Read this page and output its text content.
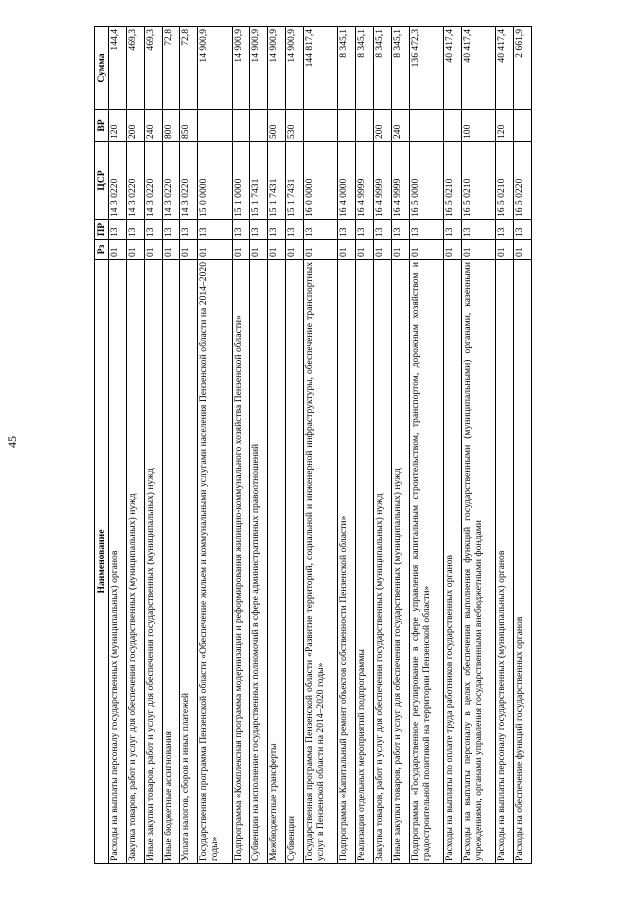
45
Наименование	Рз	ПР	ЦСР	ВР	Сумма
Расходы на выплаты персоналу государственных (муниципальных) органов	01	13	14 3 0220	120	144,4
Закупка товаров, работ и услуг для обеспечения государственных (муниципальных) нужд	01	13	14 3 0220	200	469,3
Иные закупки товаров, работ и услуг для обеспечения государственных (муниципальных) нужд	01	13	14 3 0220	240	469,3
Иные бюджетные ассигнования	01	13	14 3 0220	800	72,8
Уплата налогов, сборов и иных платежей	01	13	14 3 0220	850	72,8
Государственная программа Пензенской области «Обеспечение жильем и коммунальными услугами населения Пензенской области на 2014–2020 годы»	01	13	15 0 0000		14 900,9
Подпрограмма «Комплексная программа модернизации и реформирования жилищно-коммунального хозяйства Пензенской области»	01	13	15 1 0000		14 900,9
Субвенции на исполнение государственных полномочий в сфере административных правоотношений	01	13	15 1 7431		14 900,9
Межбюджетные трансферты	01	13	15 1 7431	500	14 900,9
Субвенции	01	13	15 1 7431	530	14 900,9
Государственная программа Пензенской области «Развитие территорий, социальной и инженерной инфраструктуры, обеспечение транспортных услуг в Пензенской области на 2014–2020 годы»	01	13	16 0 0000		144 817,4
Подпрограмма «Капитальный ремонт объектов собственности Пензенской области»	01	13	16 4 0000		8 345,1
Реализация отдельных мероприятий подпрограммы	01	13	16 4 9999		8 345,1
Закупка товаров, работ и услуг для обеспечения государственных (муниципальных) нужд	01	13	16 4 9999	200	8 345,1
Иные закупки товаров, работ и услуг для обеспечения государственных (муниципальных) нужд	01	13	16 4 9999	240	8 345,1
Подпрограмма «Государственное регулирование в сфере управления капитальным строительством, транспортом, дорожным хозяйством и градостроительной политикой на территории Пензенской области»	01	13	16 5 0000		136 472,3
Расходы на выплаты по оплате труда работников государственных органов	01	13	16 5 0210		40 417,4
Расходы на выплаты персоналу в целях обеспечения выполнения функций государственными (муниципальными) органами, казенными учреждениями, органами управления государственными внебюджетными фондами	01	13	16 5 0210	100	40 417,4
Расходы на выплаты персоналу государственных (муниципальных) органов	01	13	16 5 0210	120	40 417,4
Расходы на обеспечение функций государственных органов	01	13	16 5 0220		2 661,9
